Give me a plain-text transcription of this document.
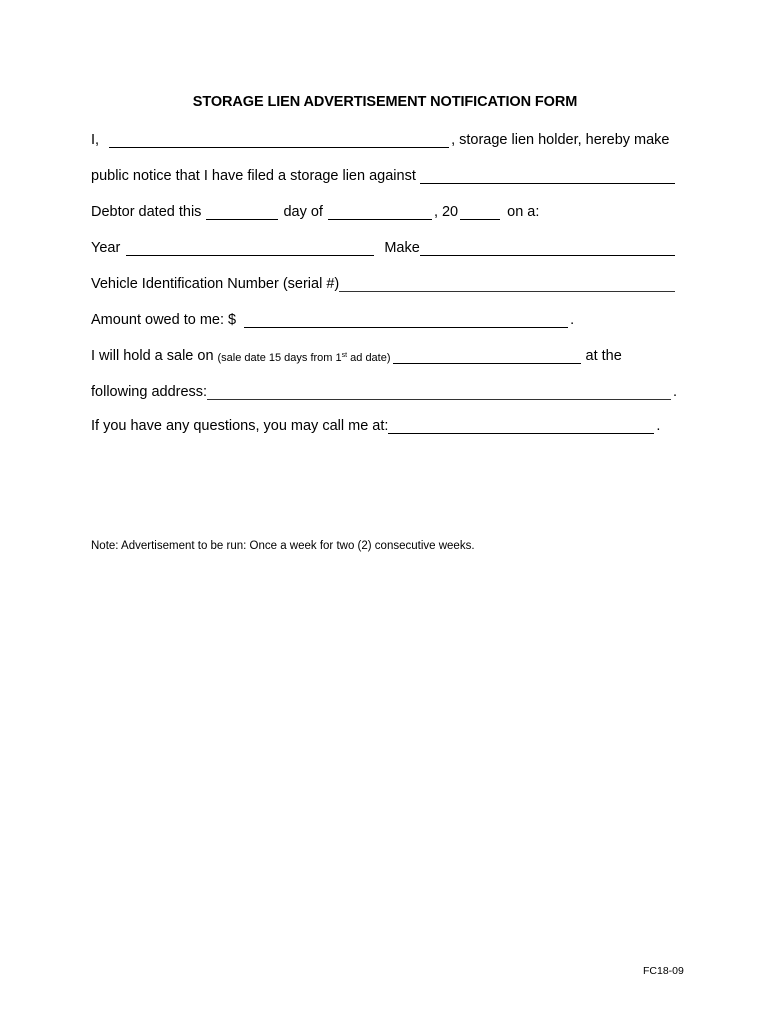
STORAGE LIEN ADVERTISEMENT NOTIFICATION FORM
I,	, storage lien holder, hereby make
public notice that I have filed a storage lien against
Debtor dated this	day of	, 20	on a:
Year	Make
Vehicle Identification Number (serial #)
Amount owed to me: $	.
I will hold a sale on (sale date 15 days from 1st ad date)	at the
following address:	.
If you have any questions, you may call me at:	.
Note: Advertisement to be run: Once a week for two (2) consecutive weeks.
FC18-09
